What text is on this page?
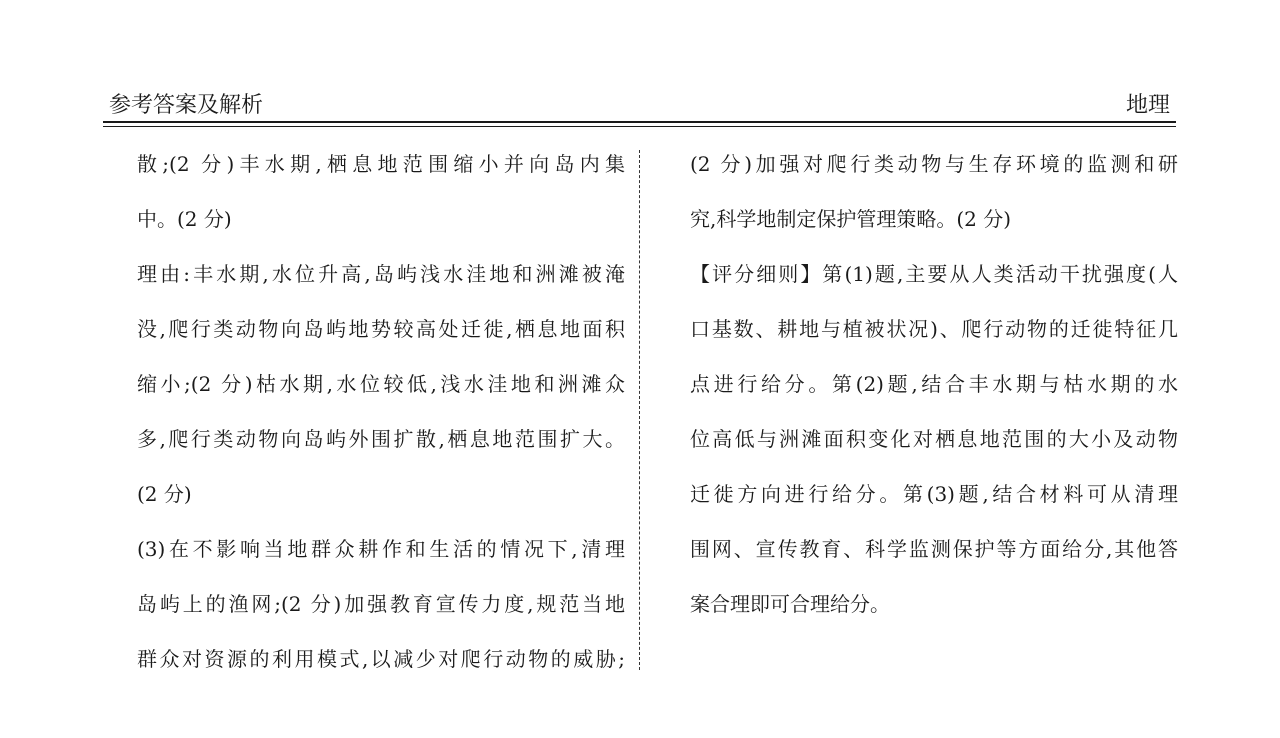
参考答案及解析	地理
散;(2 分)丰水期,栖息地范围缩小并向岛内集
中。(2 分)
理由:丰水期,水位升高,岛屿浅水洼地和洲滩被淹
没,爬行类动物向岛屿地势较高处迁徙,栖息地面积
缩小;(2 分)枯水期,水位较低,浅水洼地和洲滩众
多,爬行类动物向岛屿外围扩散,栖息地范围扩大。
(2 分)
(3)在不影响当地群众耕作和生活的情况下,清理
岛屿上的渔网;(2 分)加强教育宣传力度,规范当地
群众对资源的利用模式,以减少对爬行动物的威胁;
(2 分)加强对爬行类动物与生存环境的监测和研
究,科学地制定保护管理策略。(2 分)
【评分细则】第(1)题,主要从人类活动干扰强度(人
口基数、耕地与植被状况)、爬行动物的迁徙特征几
点进行给分。第(2)题,结合丰水期与枯水期的水
位高低与洲滩面积变化对栖息地范围的大小及动物
迁徙方向进行给分。第(3)题,结合材料可从清理
围网、宣传教育、科学监测保护等方面给分,其他答
案合理即可合理给分。
